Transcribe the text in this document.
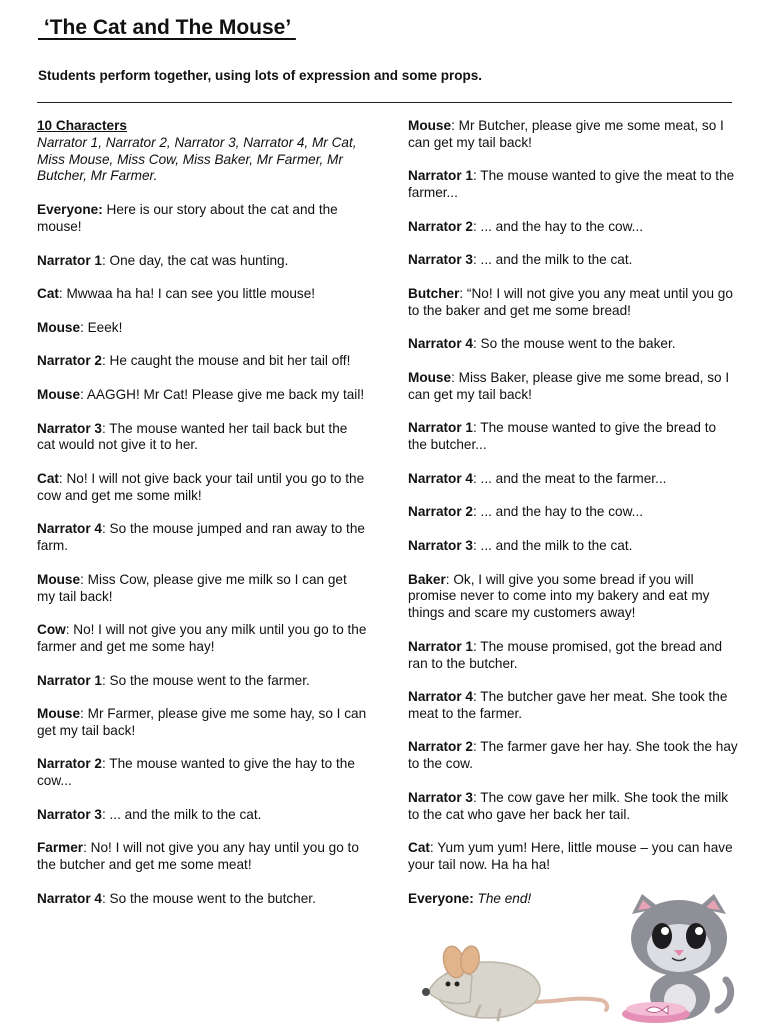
‘The Cat and The Mouse’
Students perform together, using lots of expression and some props.
10 Characters
Narrator 1, Narrator 2, Narrator 3, Narrator 4, Mr Cat, Miss Mouse, Miss Cow, Miss Baker, Mr Farmer, Mr Butcher, Mr Farmer.

Everyone: Here is our story about the cat and the mouse!

Narrator 1: One day, the cat was hunting.

Cat: Mwwaa ha ha! I can see you little mouse!

Mouse: Eeek!

Narrator 2: He caught the mouse and bit her tail off!

Mouse: AAGGH! Mr Cat! Please give me back my tail!

Narrator 3: The mouse wanted her tail back but the cat would not give it to her.

Cat: No! I will not give back your tail until you go to the cow and get me some milk!

Narrator 4: So the mouse jumped and ran away to the farm.

Mouse: Miss Cow, please give me milk so I can get my tail back!

Cow: No! I will not give you any milk until you go to the farmer and get me some hay!

Narrator 1: So the mouse went to the farmer.

Mouse: Mr Farmer, please give me some hay, so I can get my tail back!

Narrator 2: The mouse wanted to give the hay to the cow...

Narrator 3: ... and the milk to the cat.

Farmer: No! I will not give you any hay until you go to the butcher and get me some meat!

Narrator 4: So the mouse went to the butcher.

Mouse: Mr Butcher, please give me some meat, so I can get my tail back!

Narrator 1: The mouse wanted to give the meat to the farmer...

Narrator 2: ... and the hay to the cow...

Narrator 3: ... and the milk to the cat.

Butcher: “No! I will not give you any meat until you go to the baker and get me some bread!

Narrator 4: So the mouse went to the baker.

Mouse: Miss Baker, please give me some bread, so I can get my tail back!

Narrator 1: The mouse wanted to give the bread to the butcher...

Narrator 4: ... and the meat to the farmer...

Narrator 2: ... and the hay to the cow...

Narrator 3: ... and the milk to the cat.

Baker: Ok, I will give you some bread if you will promise never to come into my bakery and eat my things and scare my customers away!

Narrator 1: The mouse promised, got the bread and ran to the butcher.

Narrator 4: The butcher gave her meat. She took the meat to the farmer.

Narrator 2: The farmer gave her hay. She took the hay to the cow.

Narrator 3: The cow gave her milk. She took the milk to the cat who gave her back her tail.

Cat: Yum yum yum! Here, little mouse – you can have your tail now. Ha ha ha!

Everyone: The end!
